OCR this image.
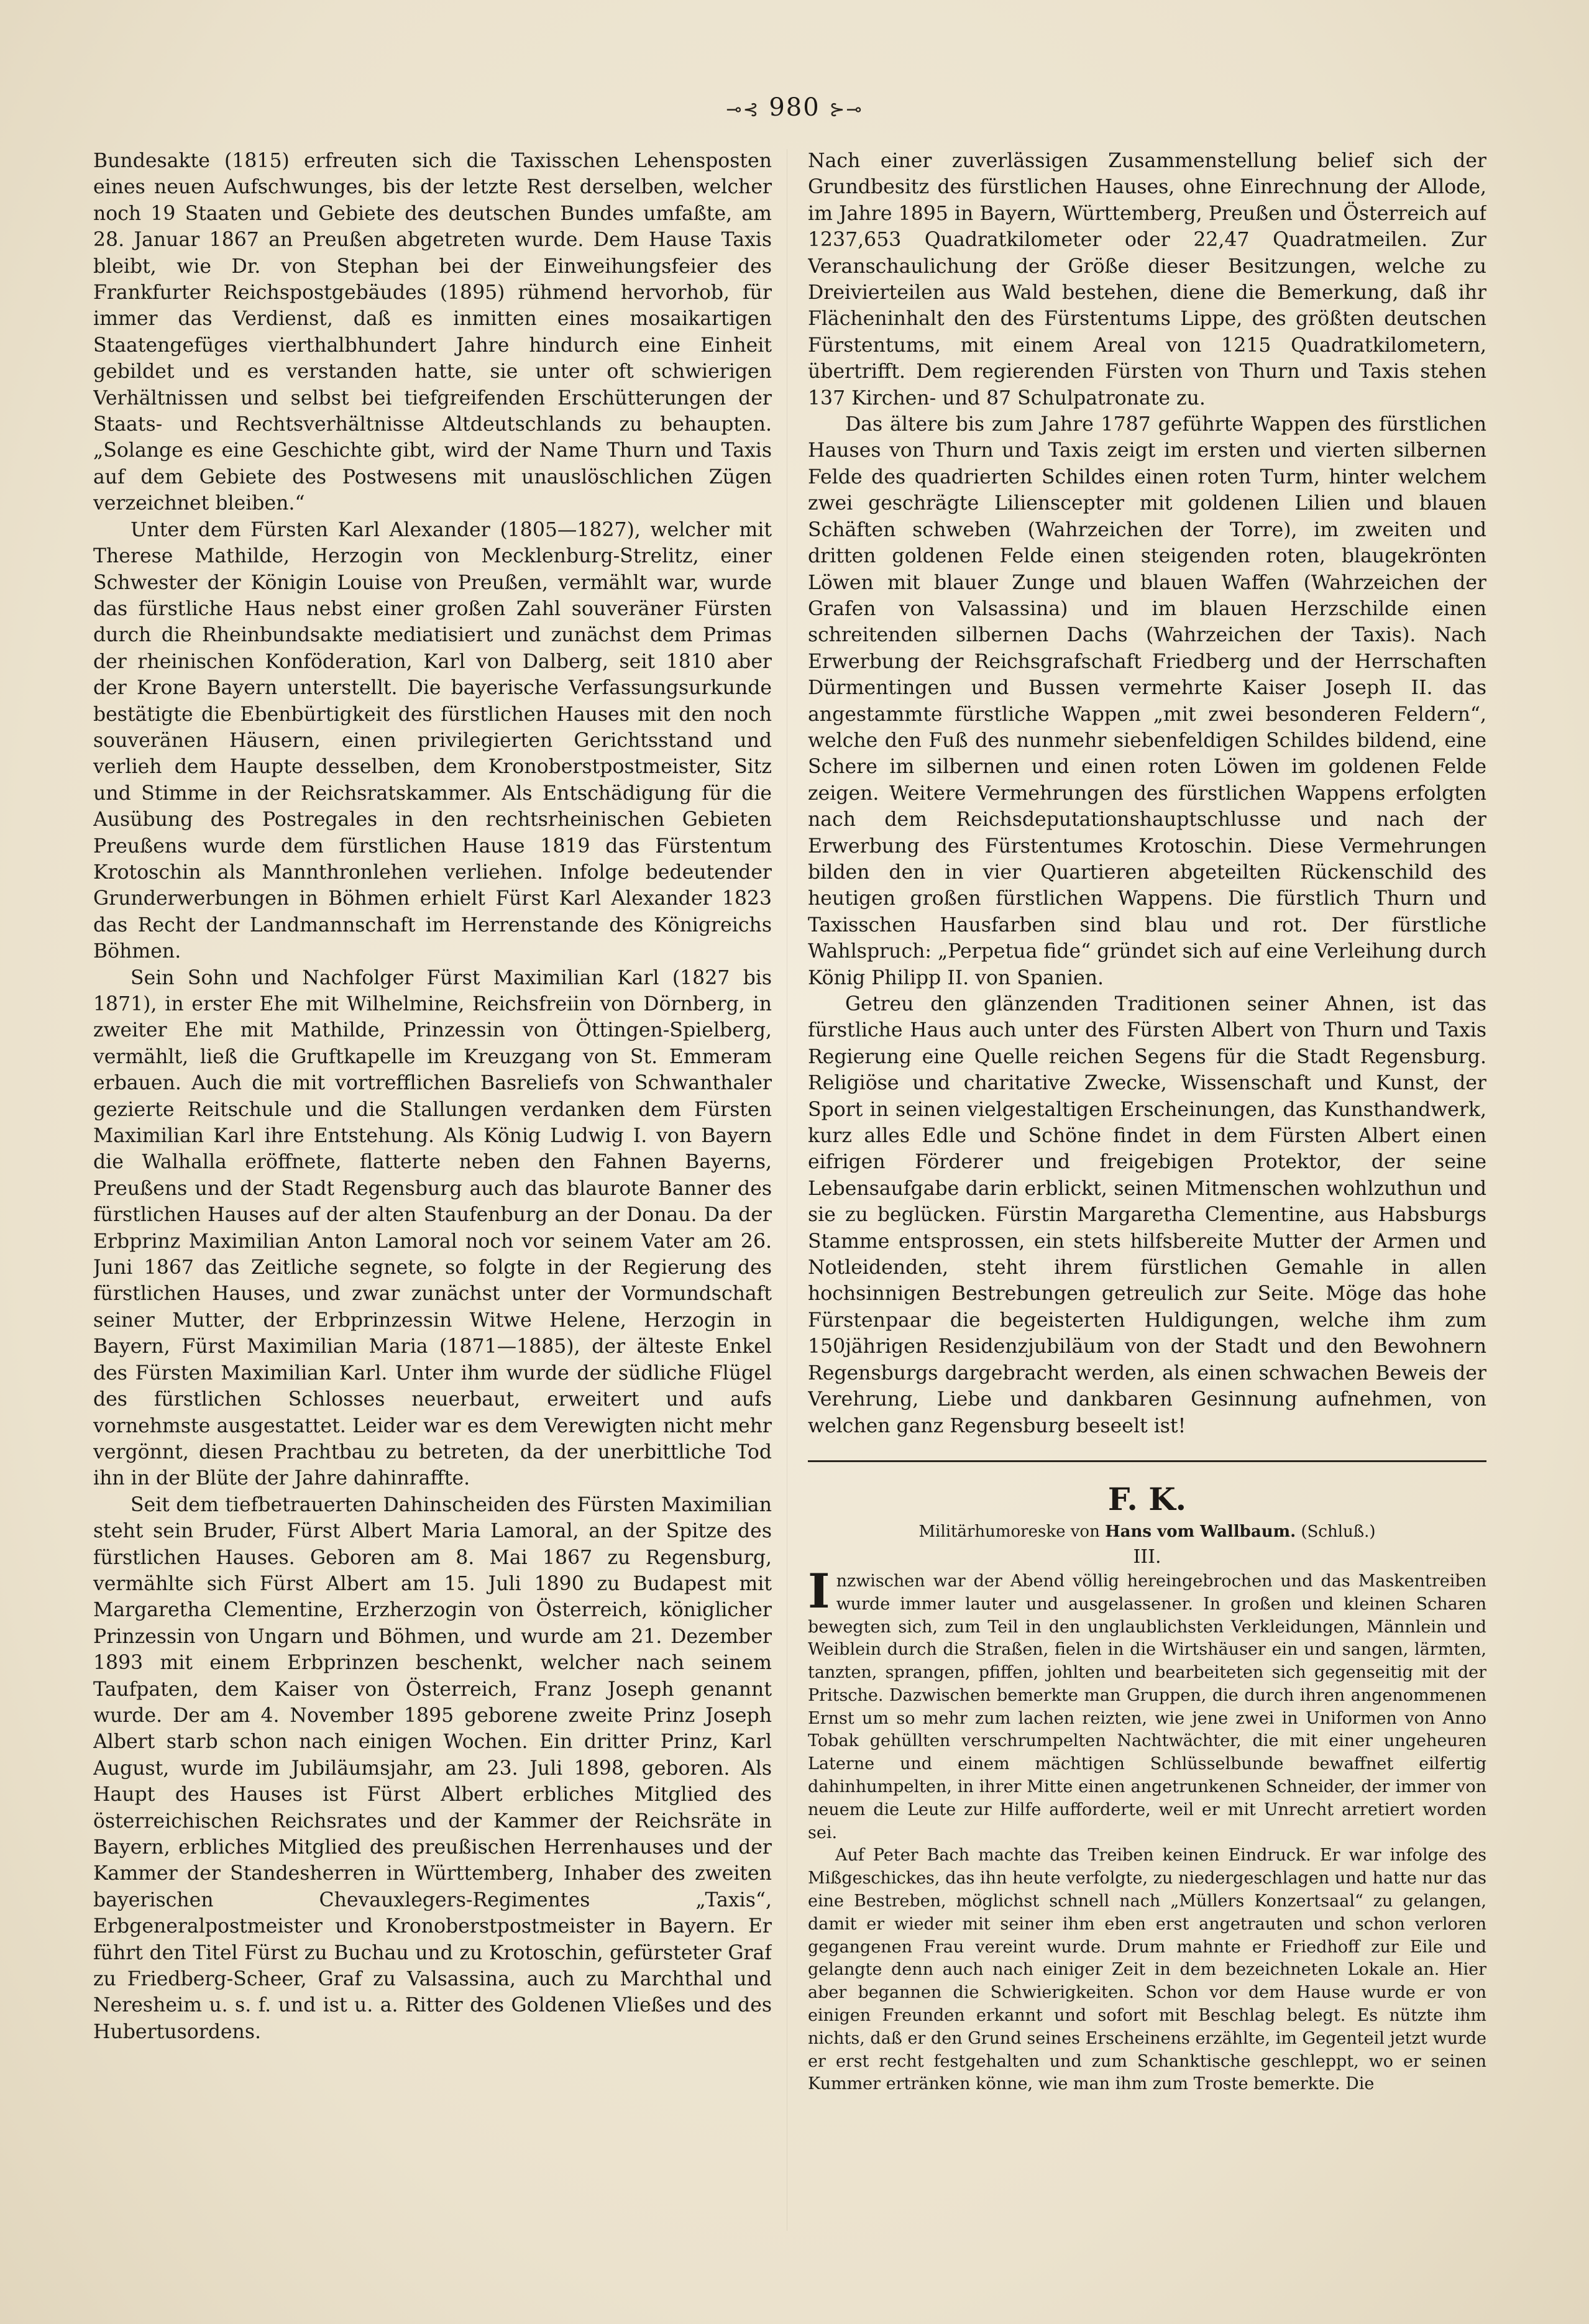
⊸⊰ 980 ⊱⊸

Bundesakte (1815) erfreuten sich die Taxisschen Lehensposten eines neuen Aufschwunges, bis der letzte Rest derselben, welcher noch 19 Staaten und Gebiete des deutschen Bundes umfaßte, am 28. Januar 1867 an Preußen abgetreten wurde. Dem Hause Taxis bleibt, wie Dr. von Stephan bei der Einweihungsfeier des Frankfurter Reichspostgebäudes (1895) rühmend hervorhob, für immer das Verdienst, daß es inmitten eines mosaikartigen Staatengefüges vierthalbhundert Jahre hindurch eine Einheit gebildet und es verstanden hatte, sie unter oft schwierigen Verhältnissen und selbst bei tiefgreifenden Erschütterungen der Staats- und Rechtsverhältnisse Altdeutschlands zu behaupten. „Solange es eine Geschichte gibt, wird der Name Thurn und Taxis auf dem Gebiete des Postwesens mit unauslöschlichen Zügen verzeichnet bleiben.“

Unter dem Fürsten Karl Alexander (1805—1827), welcher mit Therese Mathilde, Herzogin von Mecklenburg-Strelitz, einer Schwester der Königin Louise von Preußen, vermählt war, wurde das fürstliche Haus nebst einer großen Zahl souveräner Fürsten durch die Rheinbundsakte mediatisiert und zunächst dem Primas der rheinischen Konföderation, Karl von Dalberg, seit 1810 aber der Krone Bayern unterstellt. Die bayerische Verfassungsurkunde bestätigte die Ebenbürtigkeit des fürstlichen Hauses mit den noch souveränen Häusern, einen privilegierten Gerichtsstand und verlieh dem Haupte desselben, dem Kronoberstpostmeister, Sitz und Stimme in der Reichsratskammer. Als Entschädigung für die Ausübung des Postregales in den rechtsrheinischen Gebieten Preußens wurde dem fürstlichen Hause 1819 das Fürstentum Krotoschin als Mannthronlehen verliehen. Infolge bedeutender Grunderwerbungen in Böhmen erhielt Fürst Karl Alexander 1823 das Recht der Landmannschaft im Herrenstande des Königreichs Böhmen.

Sein Sohn und Nachfolger Fürst Maximilian Karl (1827 bis 1871), in erster Ehe mit Wilhelmine, Reichsfreiin von Dörnberg, in zweiter Ehe mit Mathilde, Prinzessin von Öttingen-Spielberg, vermählt, ließ die Gruftkapelle im Kreuzgang von St. Emmeram erbauen. Auch die mit vortrefflichen Basreliefs von Schwanthaler gezierte Reitschule und die Stallungen verdanken dem Fürsten Maximilian Karl ihre Entstehung. Als König Ludwig I. von Bayern die Walhalla eröffnete, flatterte neben den Fahnen Bayerns, Preußens und der Stadt Regensburg auch das blaurote Banner des fürstlichen Hauses auf der alten Staufenburg an der Donau. Da der Erbprinz Maximilian Anton Lamoral noch vor seinem Vater am 26. Juni 1867 das Zeitliche segnete, so folgte in der Regierung des fürstlichen Hauses, und zwar zunächst unter der Vormundschaft seiner Mutter, der Erbprinzessin Witwe Helene, Herzogin in Bayern, Fürst Maximilian Maria (1871—1885), der älteste Enkel des Fürsten Maximilian Karl. Unter ihm wurde der südliche Flügel des fürstlichen Schlosses neuerbaut, erweitert und aufs vornehmste ausgestattet. Leider war es dem Verewigten nicht mehr vergönnt, diesen Prachtbau zu betreten, da der unerbittliche Tod ihn in der Blüte der Jahre dahinraffte.

Seit dem tiefbetrauerten Dahinscheiden des Fürsten Maximilian steht sein Bruder, Fürst Albert Maria Lamoral, an der Spitze des fürstlichen Hauses. Geboren am 8. Mai 1867 zu Regensburg, vermählte sich Fürst Albert am 15. Juli 1890 zu Budapest mit Margaretha Clementine, Erzherzogin von Österreich, königlicher Prinzessin von Ungarn und Böhmen, und wurde am 21. Dezember 1893 mit einem Erbprinzen beschenkt, welcher nach seinem Taufpaten, dem Kaiser von Österreich, Franz Joseph genannt wurde. Der am 4. November 1895 geborene zweite Prinz Joseph Albert starb schon nach einigen Wochen. Ein dritter Prinz, Karl August, wurde im Jubiläumsjahr, am 23. Juli 1898, geboren. Als Haupt des Hauses ist Fürst Albert erbliches Mitglied des österreichischen Reichsrates und der Kammer der Reichsräte in Bayern, erbliches Mitglied des preußischen Herrenhauses und der Kammer der Standesherren in Württemberg, Inhaber des zweiten bayerischen Chevauxlegers-Regimentes „Taxis“, Erbgeneralpostmeister und Kronoberstpostmeister in Bayern. Er führt den Titel Fürst zu Buchau und zu Krotoschin, gefürsteter Graf zu Friedberg-Scheer, Graf zu Valsassina, auch zu Marchthal und Neresheim u. s. f. und ist u. a. Ritter des Goldenen Vließes und des Hubertusordens.

Nach einer zuverlässigen Zusammenstellung belief sich der Grundbesitz des fürstlichen Hauses, ohne Einrechnung der Allode, im Jahre 1895 in Bayern, Württemberg, Preußen und Österreich auf 1237,653 Quadratkilometer oder 22,47 Quadratmeilen. Zur Veranschaulichung der Größe dieser Besitzungen, welche zu Dreivierteilen aus Wald bestehen, diene die Bemerkung, daß ihr Flächeninhalt den des Fürstentums Lippe, des größten deutschen Fürstentums, mit einem Areal von 1215 Quadratkilometern, übertrifft. Dem regierenden Fürsten von Thurn und Taxis stehen 137 Kirchen- und 87 Schulpatronate zu.

Das ältere bis zum Jahre 1787 geführte Wappen des fürstlichen Hauses von Thurn und Taxis zeigt im ersten und vierten silbernen Felde des quadrierten Schildes einen roten Turm, hinter welchem zwei geschrägte Lilienscepter mit goldenen Lilien und blauen Schäften schweben (Wahrzeichen der Torre), im zweiten und dritten goldenen Felde einen steigenden roten, blaugekrönten Löwen mit blauer Zunge und blauen Waffen (Wahrzeichen der Grafen von Valsassina) und im blauen Herzschilde einen schreitenden silbernen Dachs (Wahrzeichen der Taxis). Nach Erwerbung der Reichsgrafschaft Friedberg und der Herrschaften Dürmentingen und Bussen vermehrte Kaiser Joseph II. das angestammte fürstliche Wappen „mit zwei besonderen Feldern“, welche den Fuß des nunmehr siebenfeldigen Schildes bildend, eine Schere im silbernen und einen roten Löwen im goldenen Felde zeigen. Weitere Vermehrungen des fürstlichen Wappens erfolgten nach dem Reichsdeputationshauptschlusse und nach der Erwerbung des Fürstentumes Krotoschin. Diese Vermehrungen bilden den in vier Quartieren abgeteilten Rückenschild des heutigen großen fürstlichen Wappens. Die fürstlich Thurn und Taxisschen Hausfarben sind blau und rot. Der fürstliche Wahlspruch: „Perpetua fide“ gründet sich auf eine Verleihung durch König Philipp II. von Spanien.

Getreu den glänzenden Traditionen seiner Ahnen, ist das fürstliche Haus auch unter des Fürsten Albert von Thurn und Taxis Regierung eine Quelle reichen Segens für die Stadt Regensburg. Religiöse und charitative Zwecke, Wissenschaft und Kunst, der Sport in seinen vielgestaltigen Erscheinungen, das Kunsthandwerk, kurz alles Edle und Schöne findet in dem Fürsten Albert einen eifrigen Förderer und freigebigen Protektor, der seine Lebensaufgabe darin erblickt, seinen Mitmenschen wohlzuthun und sie zu beglücken. Fürstin Margaretha Clementine, aus Habsburgs Stamme entsprossen, ein stets hilfsbereite Mutter der Armen und Notleidenden, steht ihrem fürstlichen Gemahle in allen hochsinnigen Bestrebungen getreulich zur Seite. Möge das hohe Fürstenpaar die begeisterten Huldigungen, welche ihm zum 150jährigen Residenzjubiläum von der Stadt und den Bewohnern Regensburgs dargebracht werden, als einen schwachen Beweis der Verehrung, Liebe und dankbaren Gesinnung aufnehmen, von welchen ganz Regensburg beseelt ist!

F. K.

Militärhumoreske von Hans vom Wallbaum. (Schluß.)

III.

Inzwischen war der Abend völlig hereingebrochen und das Maskentreiben wurde immer lauter und ausgelassener. In großen und kleinen Scharen bewegten sich, zum Teil in den unglaublichsten Verkleidungen, Männlein und Weiblein durch die Straßen, fielen in die Wirtshäuser ein und sangen, lärmten, tanzten, sprangen, pfiffen, johlten und bearbeiteten sich gegenseitig mit der Pritsche. Dazwischen bemerkte man Gruppen, die durch ihren angenommenen Ernst um so mehr zum lachen reizten, wie jene zwei in Uniformen von Anno Tobak gehüllten verschrumpelten Nachtwächter, die mit einer ungeheuren Laterne und einem mächtigen Schlüsselbunde bewaffnet eilfertig dahinhumpelten, in ihrer Mitte einen angetrunkenen Schneider, der immer von neuem die Leute zur Hilfe aufforderte, weil er mit Unrecht arretiert worden sei.

Auf Peter Bach machte das Treiben keinen Eindruck. Er war infolge des Mißgeschickes, das ihn heute verfolgte, zu niedergeschlagen und hatte nur das eine Bestreben, möglichst schnell nach „Müllers Konzertsaal“ zu gelangen, damit er wieder mit seiner ihm eben erst angetrauten und schon verloren gegangenen Frau vereint wurde. Drum mahnte er Friedhoff zur Eile und gelangte denn auch nach einiger Zeit in dem bezeichneten Lokale an. Hier aber begannen die Schwierigkeiten. Schon vor dem Hause wurde er von einigen Freunden erkannt und sofort mit Beschlag belegt. Es nützte ihm nichts, daß er den Grund seines Erscheinens erzählte, im Gegenteil jetzt wurde er erst recht festgehalten und zum Schanktische geschleppt, wo er seinen Kummer ertränken könne, wie man ihm zum Troste bemerkte. Die
